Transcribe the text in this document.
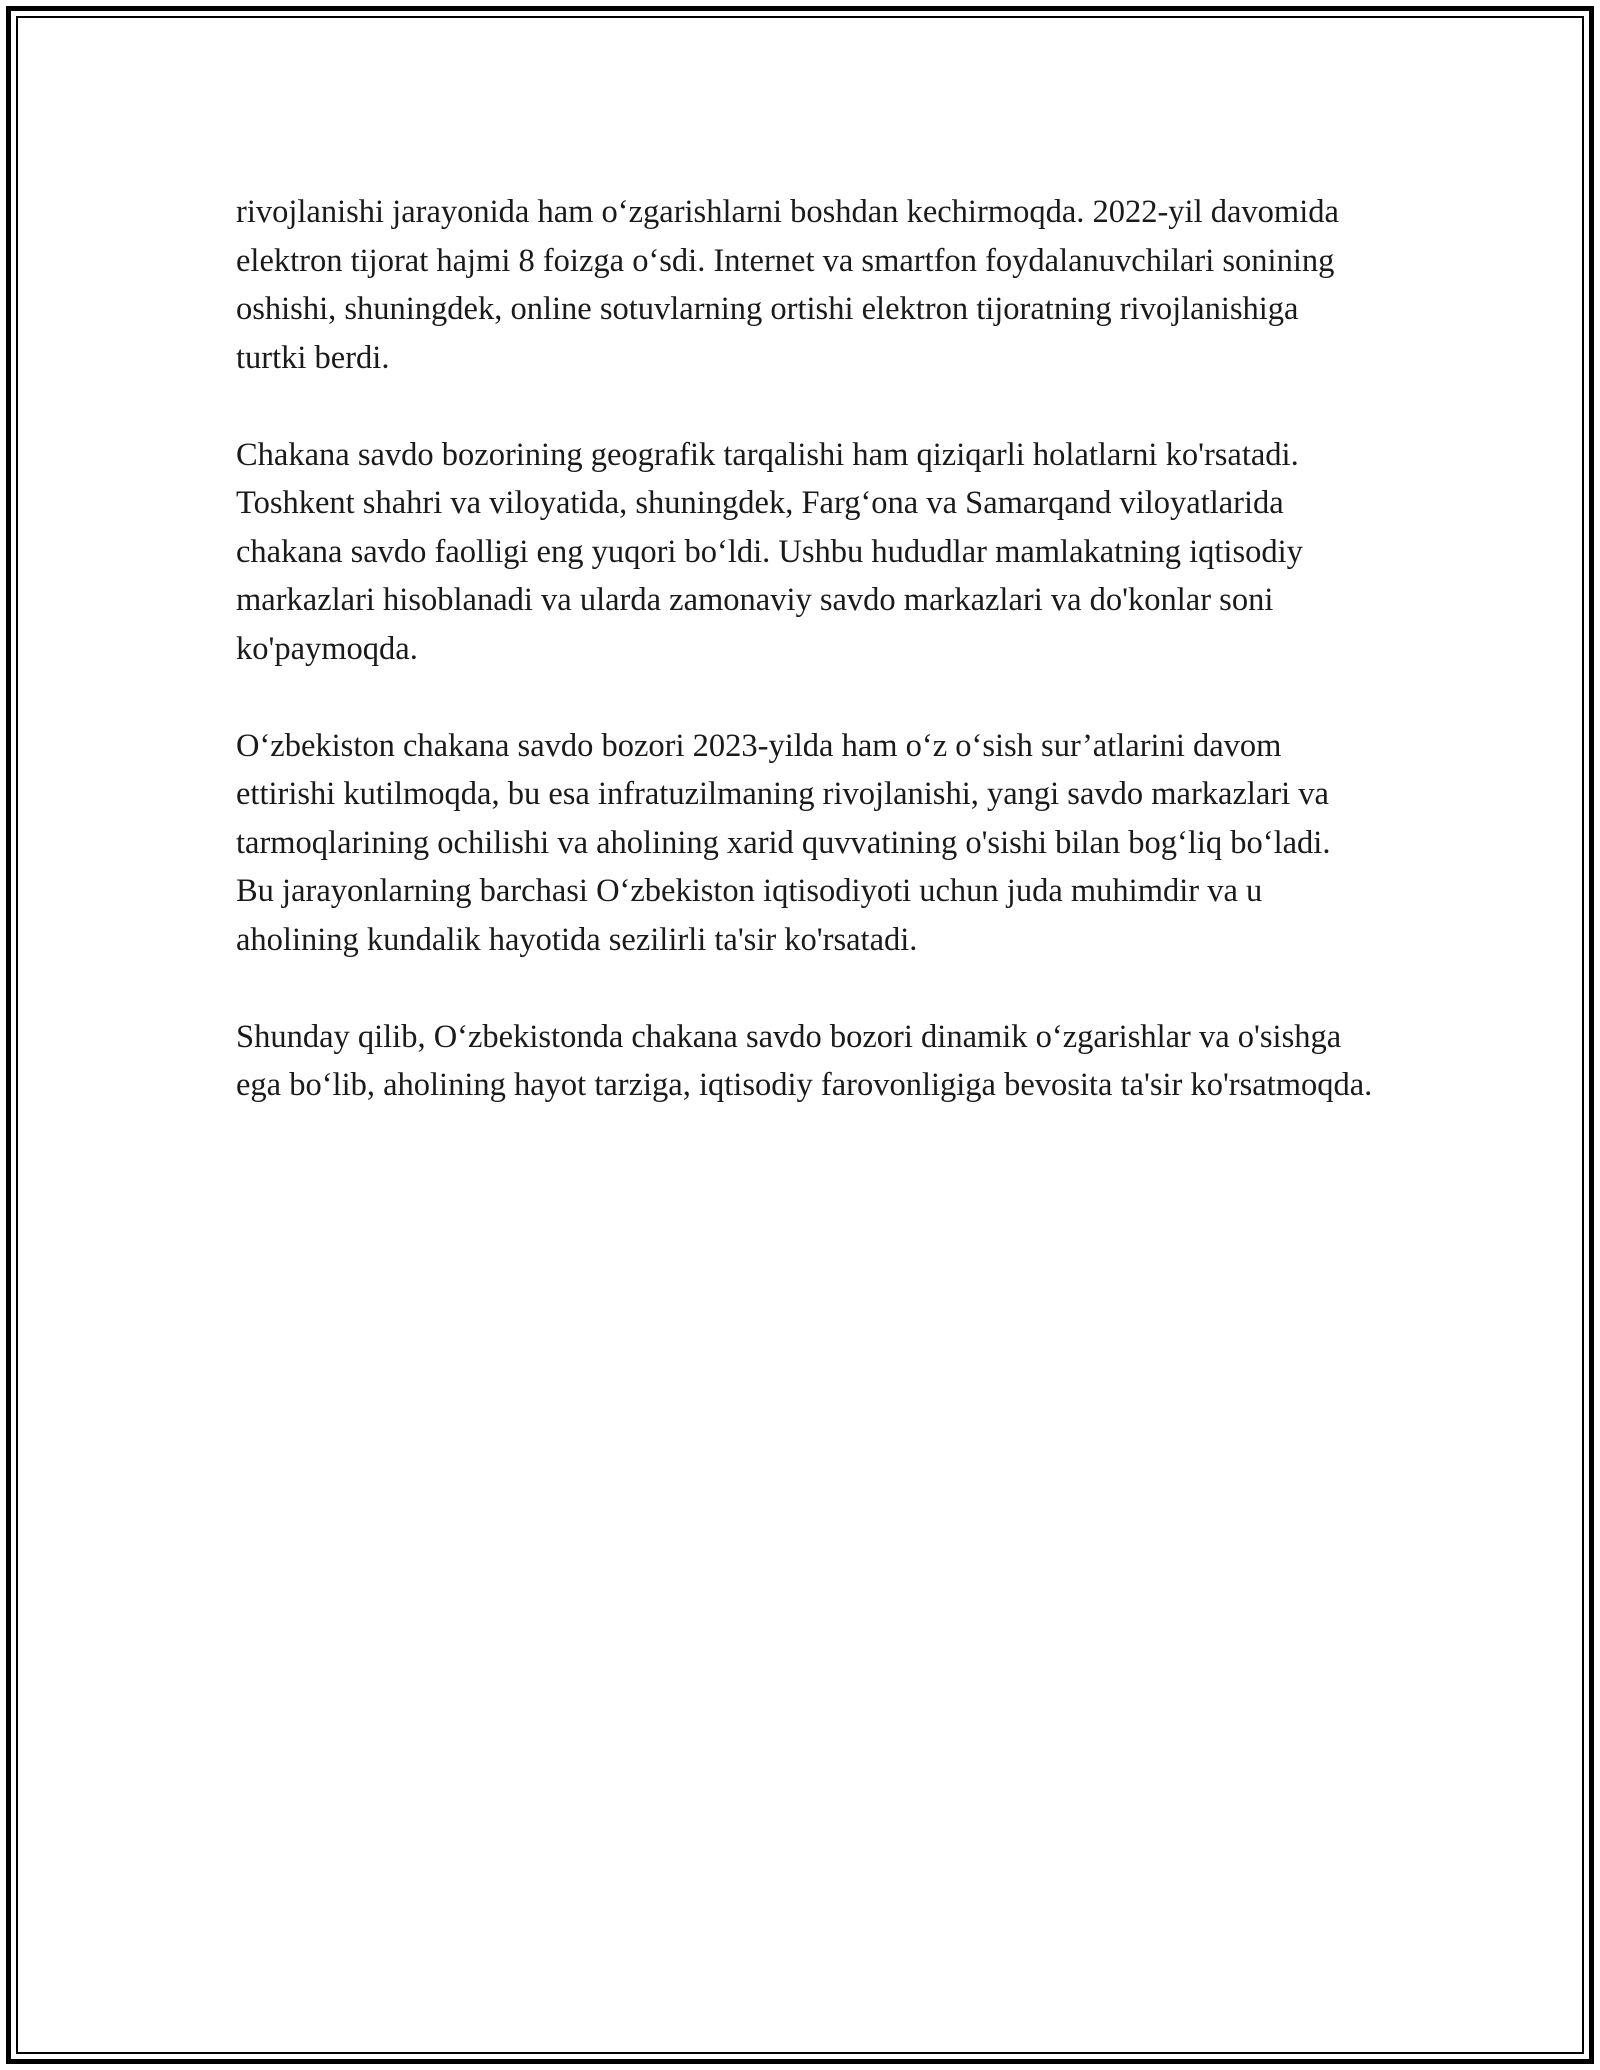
rivojlanishi jarayonida ham o‘zgarishlarni boshdan kechirmoqda. 2022-yil davomida elektron tijorat hajmi 8 foizga o‘sdi. Internet va smartfon foydalanuvchilari sonining oshishi, shuningdek, online sotuvlarning ortishi elektron tijoratning rivojlanishiga turtki berdi.

Chakana savdo bozorining geografik tarqalishi ham qiziqarli holatlarni ko'rsatadi. Toshkent shahri va viloyatida, shuningdek, Farg‘ona va Samarqand viloyatlarida chakana savdo faolligi eng yuqori bo‘ldi. Ushbu hududlar mamlakatning iqtisodiy markazlari hisoblanadi va ularda zamonaviy savdo markazlari va do'konlar soni ko'paymoqda.

O‘zbekiston chakana savdo bozori 2023-yilda ham o‘z o‘sish sur’atlarini davom ettirishi kutilmoqda, bu esa infratuzilmaning rivojlanishi, yangi savdo markazlari va tarmoqlarining ochilishi va aholining xarid quvvatining o'sishi bilan bog‘liq bo‘ladi. Bu jarayonlarning barchasi O‘zbekiston iqtisodiyoti uchun juda muhimdir va u aholining kundalik hayotida sezilirli ta'sir ko'rsatadi.

Shunday qilib, O‘zbekistonda chakana savdo bozori dinamik o‘zgarishlar va o'sishga ega bo‘lib, aholining hayot tarziga, iqtisodiy farovonligiga bevosita ta'sir ko'rsatmoqda.
